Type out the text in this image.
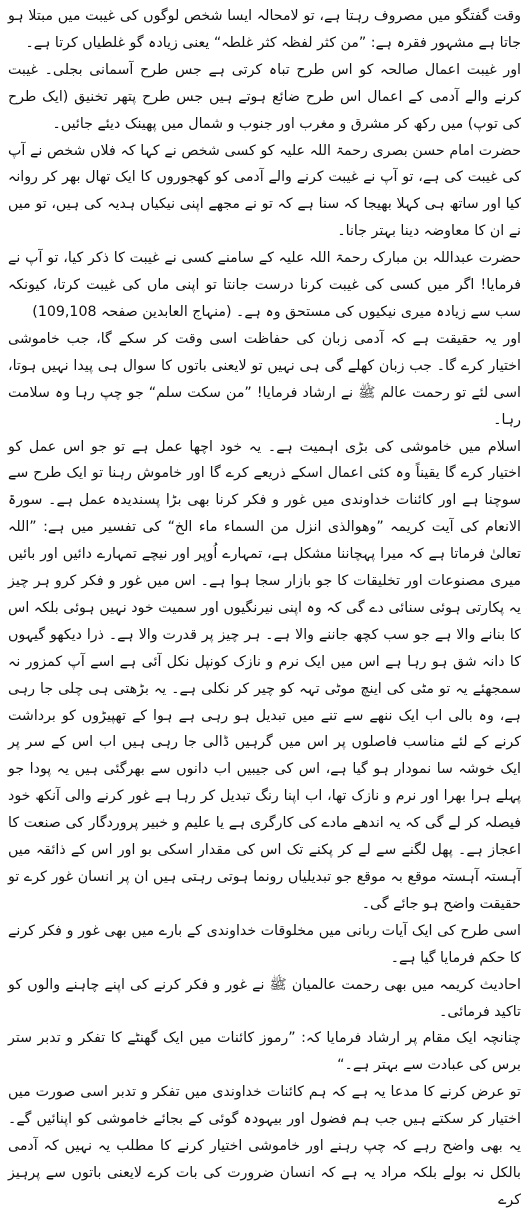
وقت گفتگو میں مصروف رہتا ہے، تو لامحالہ ایسا شخص لوگوں کی غیبت میں مبتلا ہو جاتا ہے مشہور فقرہ ہے: ”من کثر لفظہ کثر غلطہ“ یعنی زیادہ گو غلطیاں کرتا ہے۔

اور غیبت اعمال صالحہ کو اس طرح تباہ کرتی ہے جس طرح آسمانی بجلی۔ غیبت کرنے والے آدمی کے اعمال اس طرح ضائع ہوتے ہیں جس طرح پتھر تخنیق (ایک طرح کی توپ) میں رکھ کر مشرق و مغرب اور جنوب و شمال میں پھینک دیئے جائیں۔

حضرت امام حسن بصری رحمۃ اللہ علیہ کو کسی شخص نے کہا کہ فلاں شخص نے آپ کی غیبت کی ہے، تو آپ نے غیبت کرنے والے آدمی کو کھجوروں کا ایک تھال بھر کر روانہ کیا اور ساتھ ہی کہلا بھیجا کہ سنا ہے کہ تو نے مجھے اپنی نیکیاں ہدیہ کی ہیں، تو میں نے ان کا معاوضہ دینا بہتر جانا۔

حضرت عبداللہ بن مبارک رحمۃ اللہ علیہ کے سامنے کسی نے غیبت کا ذکر کیا، تو آپ نے فرمایا! اگر میں کسی کی غیبت کرنا درست جانتا تو اپنی ماں کی غیبت کرتا، کیونکہ سب سے زیادہ میری نیکیوں کی مستحق وہ ہے۔ (منہاج العابدین صفحہ 109,108)

اور یہ حقیقت ہے کہ آدمی زبان کی حفاظت اسی وقت کر سکے گا، جب خاموشی اختیار کرے گا۔ جب زبان کھلے گی ہی نہیں تو لایعنی باتوں کا سوال ہی پیدا نہیں ہوتا، اسی لئے تو رحمت عالم ﷺ نے ارشاد فرمایا! ”من سکت سلم“ جو چپ رہا وہ سلامت رہا۔

اسلام میں خاموشی کی بڑی اہمیت ہے۔ یہ خود اچھا عمل ہے تو جو اس عمل کو اختیار کرے گا یقیناً وہ کئی اعمال اسکے ذریعے کرے گا اور خاموش رہنا تو ایک طرح سے سوچنا ہے اور کائنات خداوندی میں غور و فکر کرنا بھی بڑا پسندیدہ عمل ہے۔ سورۃ الانعام کی آیت کریمہ ”وھوالذی انزل من السماء ماء الخ“ کی تفسیر میں ہے: ”اللہ تعالیٰ فرماتا ہے کہ میرا پہچاننا مشکل ہے، تمہارے اُوپر اور نیچے تمہارے دائیں اور بائیں میری مصنوعات اور تخلیقات کا جو بازار سجا ہوا ہے۔ اس میں غور و فکر کرو ہر چیز یہ پکارتی ہوئی سنائی دے گی کہ وہ اپنی نیرنگیوں اور سمیت خود نہیں ہوئی بلکہ اس کا بنانے والا ہے جو سب کچھ جاننے والا ہے۔ ہر چیز پر قدرت والا ہے۔ ذرا دیکھو گیہوں کا دانہ شق ہو رہا ہے اس میں ایک نرم و نازک کونپل نکل آئی ہے اسے آپ کمزور نہ سمجھئے یہ تو مٹی کی اینچ موٹی تہہ کو چیر کر نکلی ہے۔ یہ بڑھتی ہی چلی جا رہی ہے، وہ بالی اب ایک ننھے سے تنے میں تبدیل ہو رہی ہے ہوا کے تھپیڑوں کو برداشت کرنے کے لئے مناسب فاصلوں پر اس میں گرہیں ڈالی جا رہی ہیں اب اس کے سر پر ایک خوشہ سا نمودار ہو گیا ہے، اس کی جیبیں اب دانوں سے بھرگئی ہیں یہ پودا جو پہلے ہرا بھرا اور نرم و نازک تھا، اب اپنا رنگ تبدیل کر رہا ہے غور کرنے والی آنکھ خود فیصلہ کر لے گی کہ یہ اندھے مادے کی کارگری ہے یا علیم و خبیر پروردگار کی صنعت کا اعجاز ہے۔ پھل لگنے سے لے کر پکنے تک اس کی مقدار اسکی بو اور اس کے ذائقہ میں آہستہ آہستہ موقع بہ موقع جو تبدیلیاں رونما ہوتی رہتی ہیں ان پر انسان غور کرے تو حقیقت واضح ہو جائے گی۔

اسی طرح کی ایک آیات ربانی میں مخلوقات خداوندی کے بارے میں بھی غور و فکر کرنے کا حکم فرمایا گیا ہے۔

احادیث کریمہ میں بھی رحمت عالمیان ﷺ نے غور و فکر کرنے کی اپنے چاہنے والوں کو تاکید فرمائی۔

چنانچہ ایک مقام پر ارشاد فرمایا کہ: ”رموز کائنات میں ایک گھنٹے کا تفکر و تدبر ستر برس کی عبادت سے بہتر ہے۔“

تو عرض کرنے کا مدعا یہ ہے کہ ہم کائنات خداوندی میں تفکر و تدبر اسی صورت میں اختیار کر سکتے ہیں جب ہم فضول اور بیہودہ گوئی کے بجائے خاموشی کو اپنائیں گے۔ یہ بھی واضح رہے کہ چپ رہنے اور خاموشی اختیار کرنے کا مطلب یہ نہیں کہ آدمی بالکل نہ بولے بلکہ مراد یہ ہے کہ انسان ضرورت کی بات کرے لایعنی باتوں سے پرہیز کرے
